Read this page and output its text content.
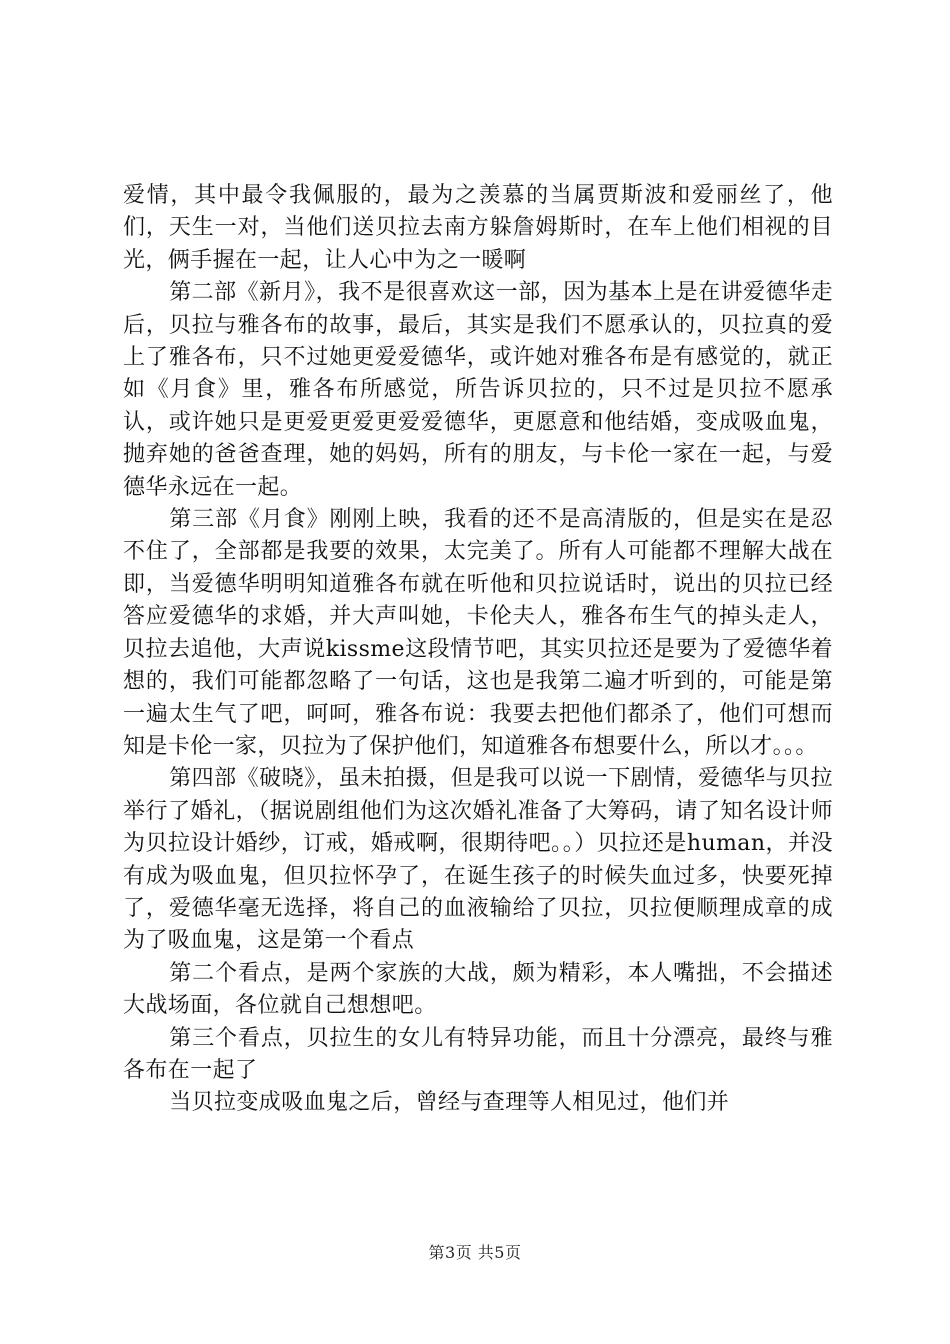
爱情，其中最令我佩服的，最为之羡慕的当属贾斯波和爱丽丝了，他们，天生一对，当他们送贝拉去南方躲詹姆斯时，在车上他们相视的目光，俩手握在一起，让人心中为之一暖啊

第二部《新月》，我不是很喜欢这一部，因为基本上是在讲爱德华走后，贝拉与雅各布的故事，最后，其实是我们不愿承认的，贝拉真的爱上了雅各布，只不过她更爱爱德华，或许她对雅各布是有感觉的，就正如《月食》里，雅各布所感觉，所告诉贝拉的，只不过是贝拉不愿承认，或许她只是更爱更爱更爱爱德华，更愿意和他结婚，变成吸血鬼，抛弃她的爸爸查理，她的妈妈，所有的朋友，与卡伦一家在一起，与爱德华永远在一起。

第三部《月食》刚刚上映，我看的还不是高清版的，但是实在是忍不住了，全部都是我要的效果，太完美了。所有人可能都不理解大战在即，当爱德华明明知道雅各布就在听他和贝拉说话时，说出的贝拉已经答应爱德华的求婚，并大声叫她，卡伦夫人，雅各布生气的掉头走人，贝拉去追他，大声说kissme这段情节吧，其实贝拉还是要为了爱德华着想的，我们可能都忽略了一句话，这也是我第二遍才听到的，可能是第一遍太生气了吧，呵呵，雅各布说：我要去把他们都杀了，他们可想而知是卡伦一家，贝拉为了保护他们，知道雅各布想要什么，所以才。。。

第四部《破晓》，虽未拍摄，但是我可以说一下剧情，爱德华与贝拉举行了婚礼，（据说剧组他们为这次婚礼准备了大筹码，请了知名设计师为贝拉设计婚纱，订戒，婚戒啊，很期待吧。。）贝拉还是human，并没有成为吸血鬼，但贝拉怀孕了，在诞生孩子的时候失血过多，快要死掉了，爱德华毫无选择，将自己的血液输给了贝拉，贝拉便顺理成章的成为了吸血鬼，这是第一个看点

第二个看点，是两个家族的大战，颇为精彩，本人嘴拙，不会描述大战场面，各位就自己想想吧。

第三个看点，贝拉生的女儿有特异功能，而且十分漂亮，最终与雅各布在一起了

当贝拉变成吸血鬼之后，曾经与查理等人相见过，他们并

第3页 共5页
